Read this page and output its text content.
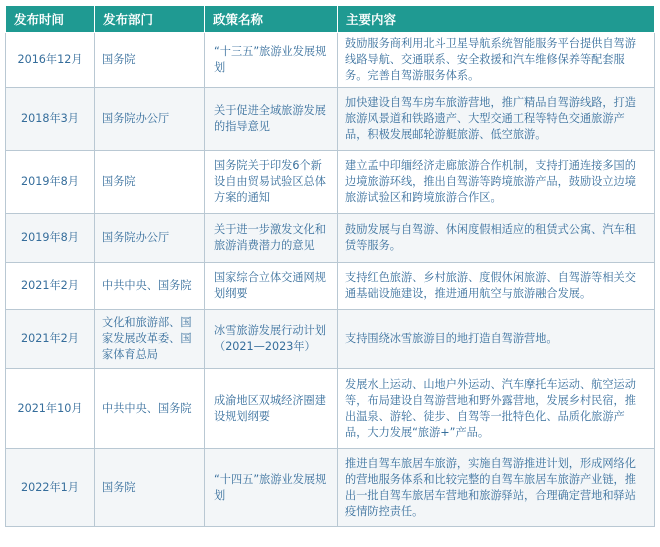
发布时间	发布部门	政策名称	主要内容
2016年12月	国务院	“十三五”旅游业发展规划	鼓励服务商利用北斗卫星导航系统智能服务平台提供自驾游线路导航、交通联系、安全救援和汽车维修保养等配套服务。完善自驾游服务体系。
2018年3月	国务院办公厅	关于促进全域旅游发展的指导意见	加快建设自驾车房车旅游营地，推广精品自驾游线路，打造旅游风景道和铁路遗产、大型交通工程等特色交通旅游产品，积极发展邮轮游艇旅游、低空旅游。
2019年8月	国务院	国务院关于印发6个新设自由贸易试验区总体方案的通知	建立孟中印缅经济走廊旅游合作机制，支持打通连接多国的边境旅游环线，推出自驾游等跨境旅游产品，鼓励设立边境旅游试验区和跨境旅游合作区。
2019年8月	国务院办公厅	关于进一步激发文化和旅游消费潜力的意见	鼓励发展与自驾游、休闲度假相适应的租赁式公寓、汽车租赁等服务。
2021年2月	中共中央、国务院	国家综合立体交通网规划纲要	支持红色旅游、乡村旅游、度假休闲旅游、自驾游等相关交通基础设施建设，推进通用航空与旅游融合发展。
2021年2月	文化和旅游部、国家发展改革委、国家体育总局	冰雪旅游发展行动计划（2021—2023年）	支持围绕冰雪旅游目的地打造自驾游营地。
2021年10月	中共中央、国务院	成渝地区双城经济圈建设规划纲要	发展水上运动、山地户外运动、汽车摩托车运动、航空运动等，布局建设自驾游营地和野外露营地，发展乡村民宿，推出温泉、游轮、徒步、自驾等一批特色化、品质化旅游产品，大力发展“旅游+”产品。
2022年1月	国务院	“十四五”旅游业发展规划	推进自驾车旅居车旅游，实施自驾游推进计划，形成网络化的营地服务体系和比较完整的自驾车旅居车旅游产业链，推出一批自驾车旅居车营地和旅游驿站，合理确定营地和驿站疫情防控责任。
